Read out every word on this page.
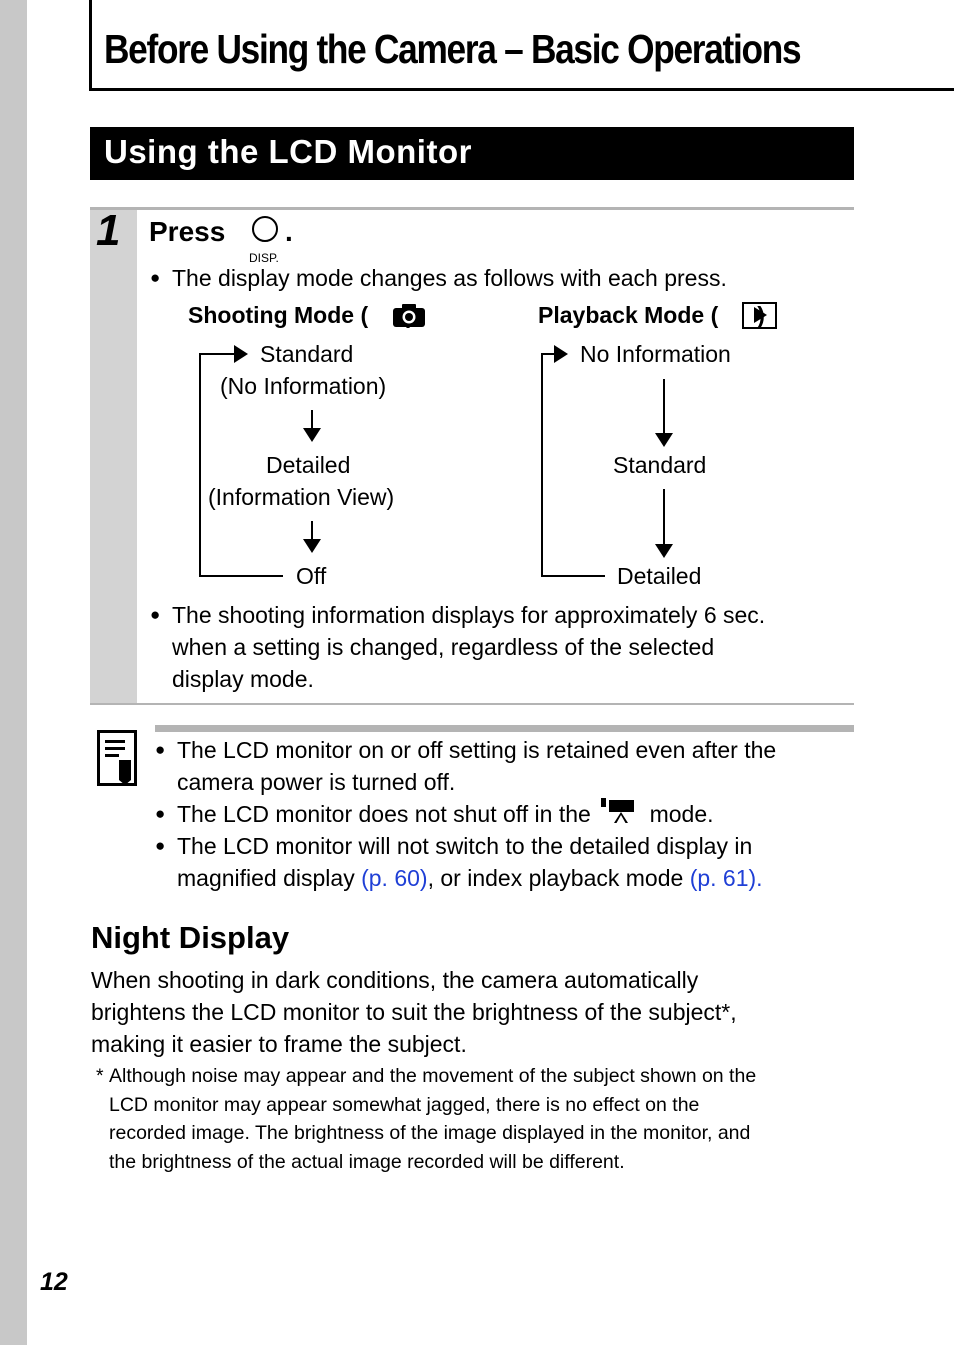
Before Using the Camera – Basic Operations
Using the LCD Monitor
1 Press .
DISP.
● The display mode changes as follows with each press.
Shooting Mode (	Playback Mode ( )
Standard
(No Information)
Detailed
(Information View)
Off
No Information
Standard
Detailed
● The shooting information displays for approximately 6 sec.
when a setting is changed, regardless of the selected
display mode.
● The LCD monitor on or off setting is retained even after the
camera power is turned off.
● The LCD monitor does not shut off in the	mode.
● The LCD monitor will not switch to the detailed display in
magnified display (p. 60), or index playback mode (p. 61).
Night Display
When shooting in dark conditions, the camera automatically
brightens the LCD monitor to suit the brightness of the subject*,
making it easier to frame the subject.
* Although noise may appear and the movement of the subject shown on the
LCD monitor may appear somewhat jagged, there is no effect on the
recorded image. The brightness of the image displayed in the monitor, and
the brightness of the actual image recorded will be different.
12
